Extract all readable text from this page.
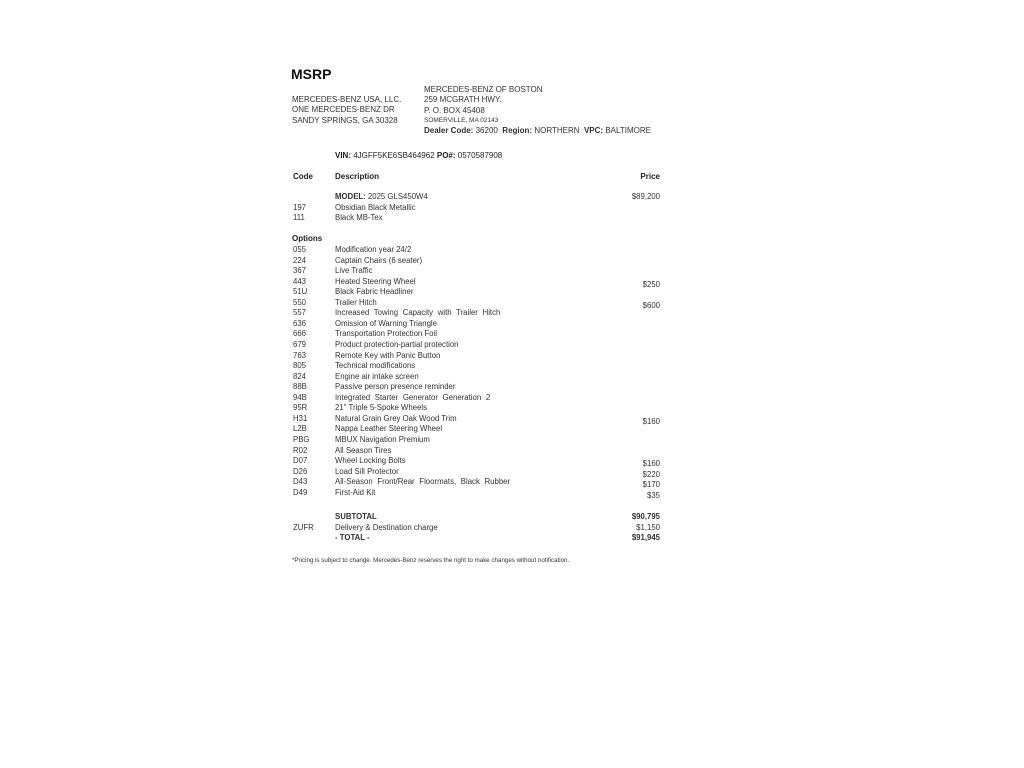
MSRP
MERCEDES-BENZ USA, LLC.
ONE MERCEDES-BENZ DR
SANDY SPRINGS, GA 30328
MERCEDES-BENZ OF BOSTON
259 MCGRATH HWY.
P. O. BOX 45408
SOMERVILLE, MA 02143
Dealer Code: 36200 Region: NORTHERN VPC: BALTIMORE
VIN: 4JGFF5KE6SB464962 PO#: 0570587908
Code	Description	Price
MODEL: 2025 GLS450W4	$89,200
197	Obsidian Black Metallic
111	Black MB-Tex
Options
055	Modification year 24/2
224	Captain Chairs (6 seater)
367	Live Traffic
443	Heated Steering Wheel	$250
51U	Black Fabric Headliner
550	Trailer Hitch	$600
557	Increased Towing Capacity with Trailer Hitch
636	Omission of Warning Triangle
666	Transportation Protection Foil
679	Product protection-partial protection
763	Remote Key with Panic Button
805	Technical modifications
824	Engine air intake screen
88B	Passive person presence reminder
94B	Integrated Starter Generator Generation 2
95R	21" Triple 5-Spoke Wheels
H31	Natural Grain Grey Oak Wood Trim	$160
L2B	Nappa Leather Steering Wheel
PBG	MBUX Navigation Premium
R02	All Season Tires
D07	Wheel Locking Bolts	$160
D26	Load Sill Protector	$220
D43	All-Season Front/Rear Floormats, Black Rubber	$170
D49	First-Aid Kit	$35
SUBTOTAL	$90,795
ZUFR	Delivery & Destination charge	$1,150
- TOTAL -	$91,945
*Pricing is subject to change. Mercedes-Benz reserves the right to make changes without notification.
